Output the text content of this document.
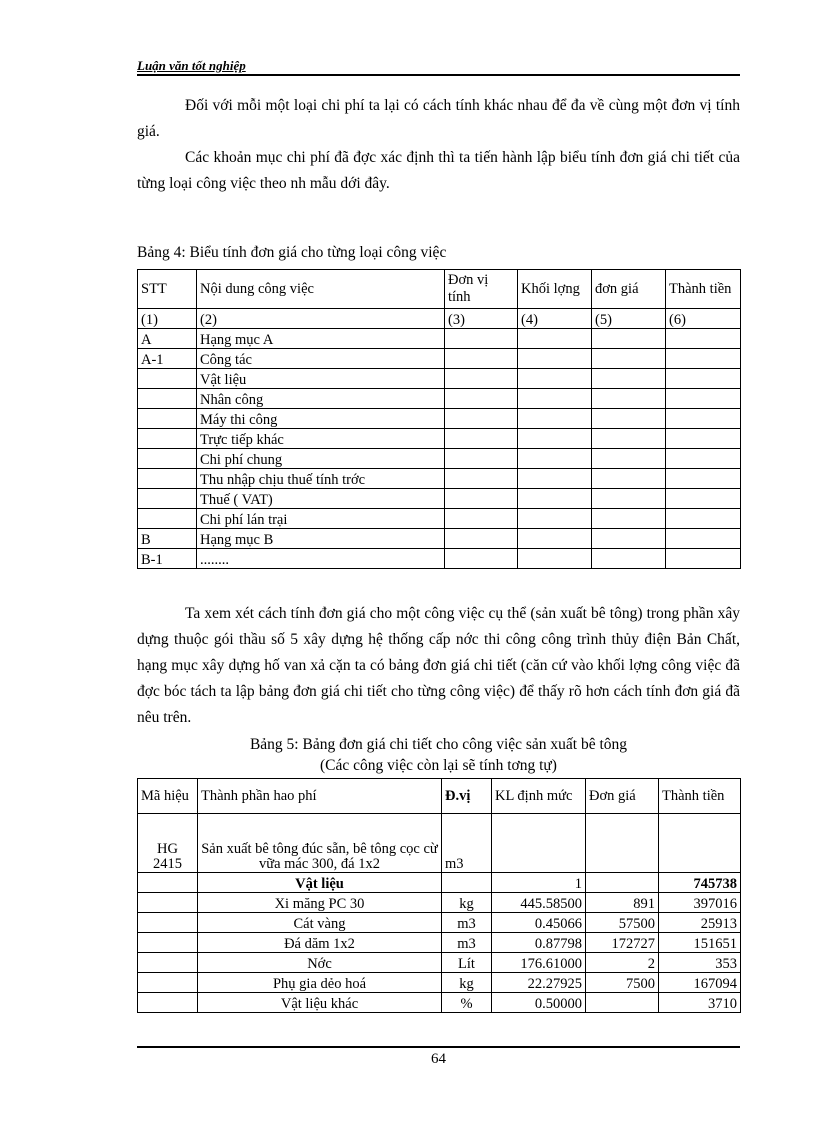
Luận văn tốt nghiệp

Đối với mỗi một loại chi phí ta lại có cách tính khác nhau để đa về cùng một đơn vị tính giá.

Các khoản mục chi phí đã đợc xác định thì ta tiến hành lập biểu tính đơn giá chi tiết của từng loại công việc theo nh mẫu dới đây.

Bảng 4: Biểu tính đơn giá cho từng loại công việc
STT	Nội dung công việc	Đơn vị tính	Khối lợng	đơn giá	Thành tiền
(1)	(2)	(3)	(4)	(5)	(6)
A	Hạng mục A				
A-1	Công tác				
	Vật liệu				
	Nhân công				
	Máy thi công				
	Trực tiếp khác				
	Chi phí chung				
	Thu nhập chịu thuế tính trớc				
	Thuế ( VAT)				
	Chi phí lán trại				
B	Hạng mục B				
B-1	........				

Ta xem xét cách tính đơn giá cho một công việc cụ thể (sản xuất bê tông) trong phần xây dựng thuộc gói thầu số 5 xây dựng hệ thống cấp nớc thi công công trình thủy điện Bản Chất, hạng mục xây dựng hố van xả cặn ta có bảng đơn giá chi tiết (căn cứ vào khối lợng công việc đã đợc bóc tách ta lập bảng đơn giá chi tiết cho từng công việc) để thấy rõ hơn cách tính đơn giá đã nêu trên.

Bảng 5: Bảng đơn giá chi tiết cho công việc sản xuất bê tông
(Các công việc còn lại sẽ tính tơng tự)
Mã hiệu	Thành phần hao phí	Đ.vị	KL định mức	Đơn giá	Thành tiền
HG 2415	Sản xuất bê tông đúc sẵn, bê tông cọc cừ vữa mác 300, đá 1x2	m3			
	Vật liệu		1		745738
	Xi măng PC 30	kg	445.58500	891	397016
	Cát vàng	m3	0.45066	57500	25913
	Đá dăm 1x2	m3	0.87798	172727	151651
	Nớc	Lít	176.61000	2	353
	Phụ gia dẻo hoá	kg	22.27925	7500	167094
	Vật liệu khác	%	0.50000		3710
64
